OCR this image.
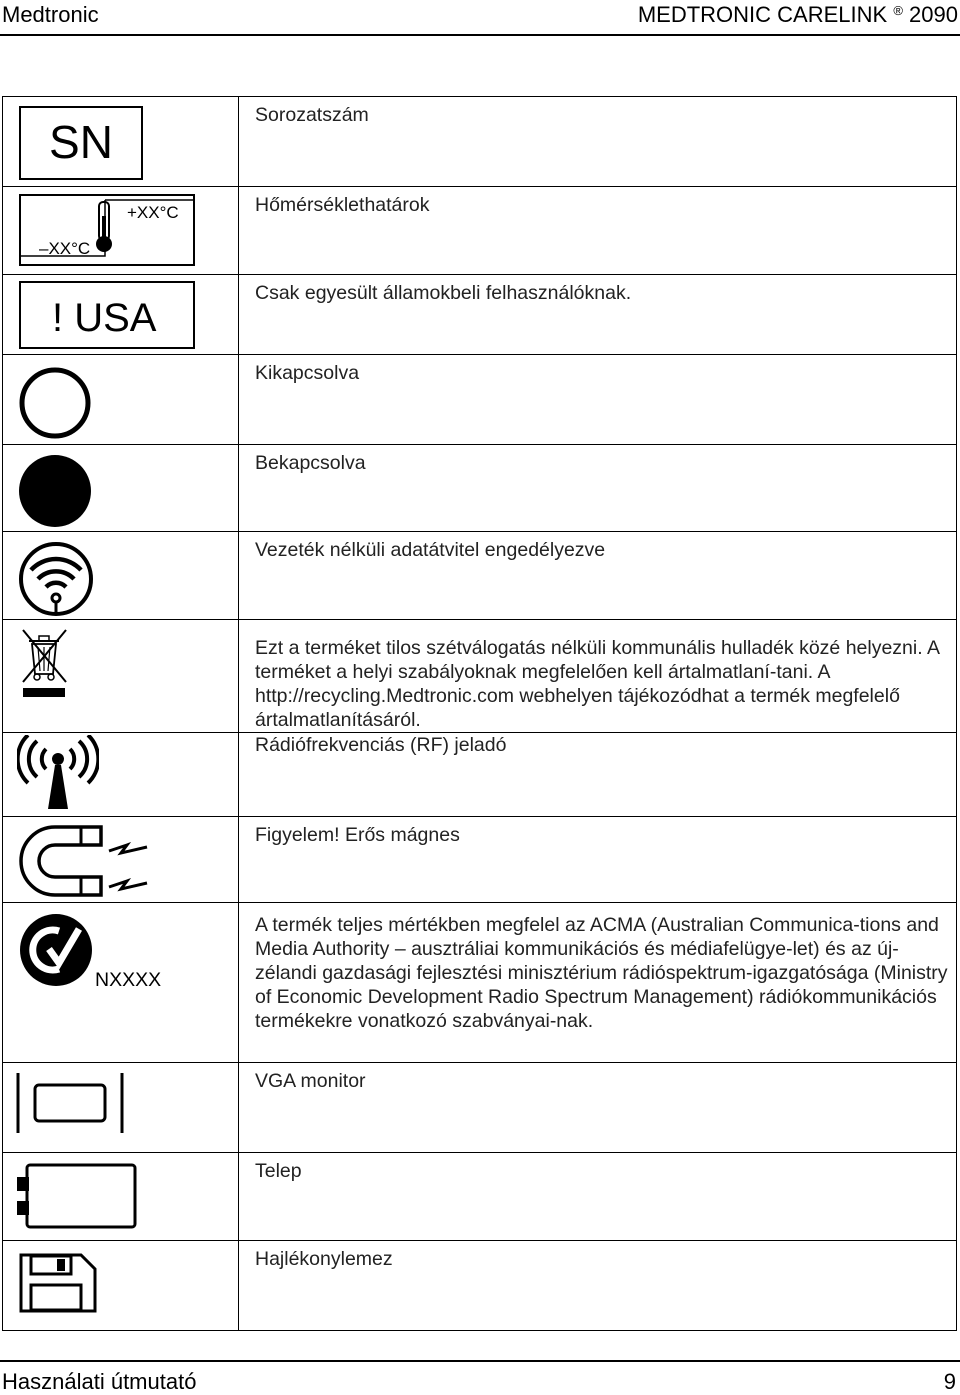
Medtronic	MEDTRONIC CARELINK ® 2090
SN	Sorozatszám

+XX°C
–XX°C	Hőmérséklethatárok

! USA	Csak egyesült államokbeli felhasználóknak.

	Kikapcsolva

	Bekapcsolva

	Vezeték nélküli adatátvitel engedélyezve

	Ezt a terméket tilos szétválogatás nélküli kommunális hulladék közé helyezni. A terméket a helyi szabályoknak megfelelően kell ártalmatlaní-tani. A http://recycling.Medtronic.com webhelyen tájékozódhat a termék megfelelő ártalmatlanításáról.

	Rádiófrekvenciás (RF) jeladó

	Figyelem! Erős mágnes

NXXXX	A termék teljes mértékben megfelel az ACMA (Australian Communica-tions and Media Authority – ausztráliai kommunikációs és médiafelügye-let) és az új-zélandi gazdasági fejlesztési minisztérium rádióspektrum-igazgatósága (Ministry of Economic Development Radio Spectrum Management) rádiókommunikációs termékekre vonatkozó szabványai-nak.

	VGA monitor

	Telep

	Hajlékonylemez
Használati útmutató	9
